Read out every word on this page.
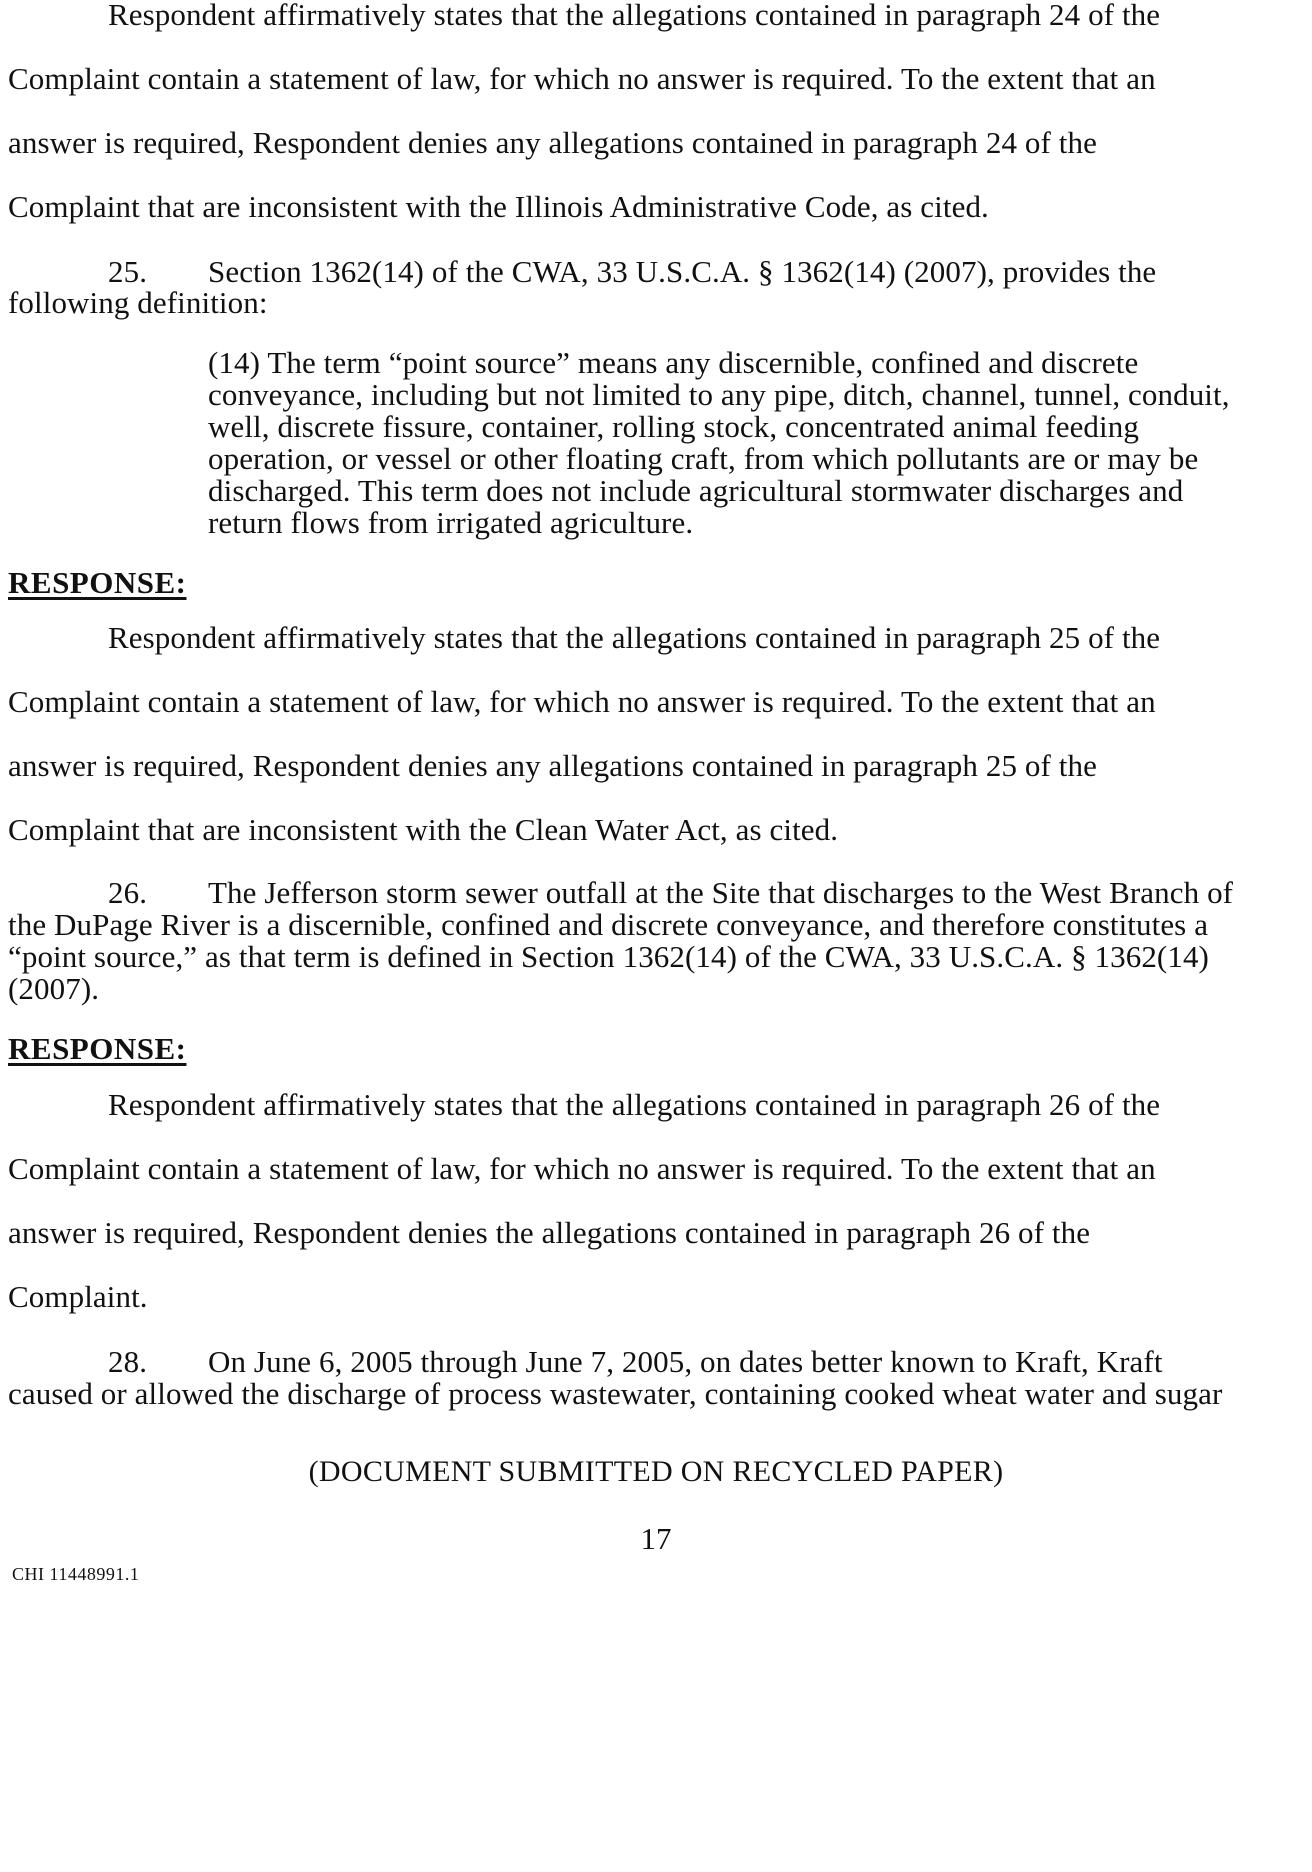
Respondent affirmatively states that the allegations contained in paragraph 24 of the
Complaint contain a statement of law, for which no answer is required. To the extent that an
answer is required, Respondent denies any allegations contained in paragraph 24 of the
Complaint that are inconsistent with the Illinois Administrative Code, as cited.
25. Section 1362(14) of the CWA, 33 U.S.C.A. § 1362(14) (2007), provides the
following definition:
(14) The term “point source” means any discernible, confined and discrete
conveyance, including but not limited to any pipe, ditch, channel, tunnel, conduit,
well, discrete fissure, container, rolling stock, concentrated animal feeding
operation, or vessel or other floating craft, from which pollutants are or may be
discharged. This term does not include agricultural stormwater discharges and
return flows from irrigated agriculture.
RESPONSE:
Respondent affirmatively states that the allegations contained in paragraph 25 of the
Complaint contain a statement of law, for which no answer is required. To the extent that an
answer is required, Respondent denies any allegations contained in paragraph 25 of the
Complaint that are inconsistent with the Clean Water Act, as cited.
26. The Jefferson storm sewer outfall at the Site that discharges to the West Branch of
the DuPage River is a discernible, confined and discrete conveyance, and therefore constitutes a
“point source,” as that term is defined in Section 1362(14) of the CWA, 33 U.S.C.A. § 1362(14)
(2007).
RESPONSE:
Respondent affirmatively states that the allegations contained in paragraph 26 of the
Complaint contain a statement of law, for which no answer is required. To the extent that an
answer is required, Respondent denies the allegations contained in paragraph 26 of the
Complaint.
28. On June 6, 2005 through June 7, 2005, on dates better known to Kraft, Kraft
caused or allowed the discharge of process wastewater, containing cooked wheat water and sugar
(DOCUMENT SUBMITTED ON RECYCLED PAPER)
17
CHI 11448991.1
